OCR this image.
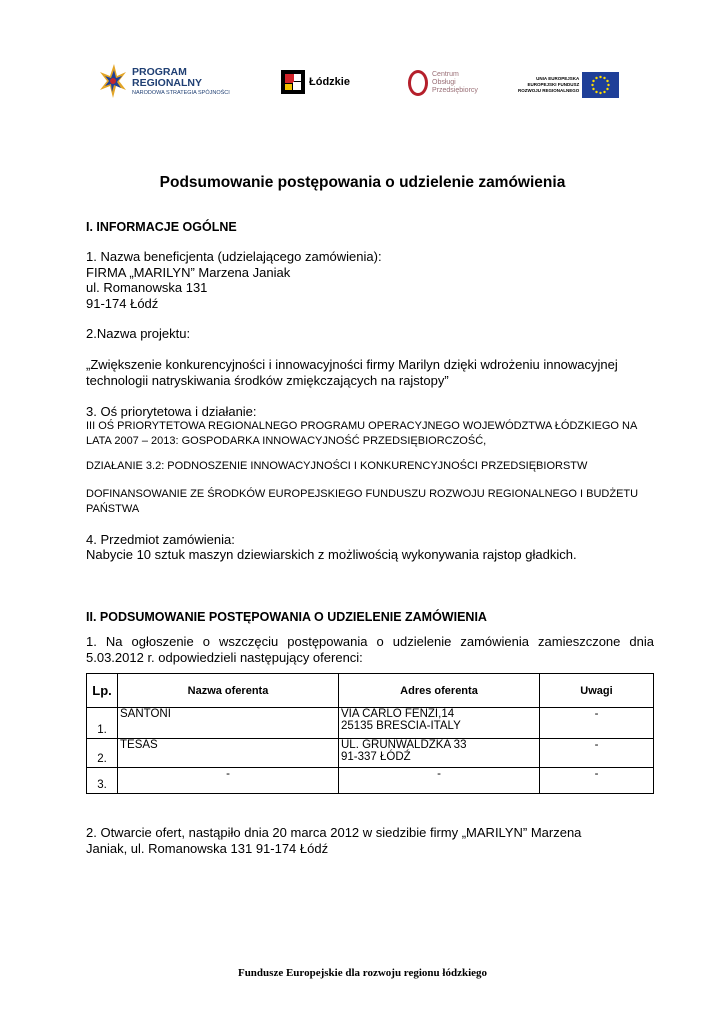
PROGRAM
REGIONALNY
NARODOWA STRATEGIA SPÓJNOŚCI
Łódzkie
Centrum
Obsługi
Przedsiębiorcy
UNIA EUROPEJSKA
EUROPEJSKI FUNDUSZ
ROZWOJU REGIONALNEGO
Podsumowanie postępowania o udzielenie zamówienia

I. INFORMACJE OGÓLNE

1. Nazwa beneficjenta (udzielającego zamówienia):

FIRMA „MARILYN” Marzena Janiak

ul. Romanowska 131

91-174 Łódź

2.Nazwa projektu:

„Zwiększenie konkurencyjności i innowacyjności firmy Marilyn dzięki wdrożeniu innowacyjnej technologii natryskiwania środków zmiękczających na rajstopy”

3. Oś priorytetowa i działanie:

III OŚ PRIORYTETOWA REGIONALNEGO PROGRAMU OPERACYJNEGO WOJEWÓDZTWA ŁÓDZKIEGO NA LATA 2007 – 2013: GOSPODARKA INNOWACYJNOŚĆ PRZEDSIĘBIORCZOŚĆ,

DZIAŁANIE 3.2: PODNOSZENIE INNOWACYJNOŚCI I KONKURENCYJNOŚCI PRZEDSIĘBIORSTW

DOFINANSOWANIE ZE ŚRODKÓW EUROPEJSKIEGO FUNDUSZU ROZWOJU REGIONALNEGO I BUDŻETU PAŃSTWA

4. Przedmiot zamówienia:

Nabycie 10 sztuk maszyn dziewiarskich z możliwością wykonywania rajstop gładkich.

II. PODSUMOWANIE POSTĘPOWANIA O UDZIELENIE ZAMÓWIENIA

1. Na ogłoszenie o wszczęciu postępowania o udzielenie zamówienia zamieszczone dnia 5.03.2012 r. odpowiedzieli następujący oferenci:

Lp.	Nazwa oferenta	Adres oferenta	Uwagi
1.	SANTONI	VIA CARLO FENZI,14
25135 BRESCIA-ITALY	-
2.	TESAS	UL. GRUNWALDZKA 33
91-337 ŁÓDŹ	-
3.	-	-	-

2. Otwarcie ofert, nastąpiło dnia 20 marca 2012 w siedzibie firmy „MARILYN” Marzena Janiak, ul. Romanowska 131 91-174 Łódź

Fundusze Europejskie dla rozwoju regionu łódzkiego
